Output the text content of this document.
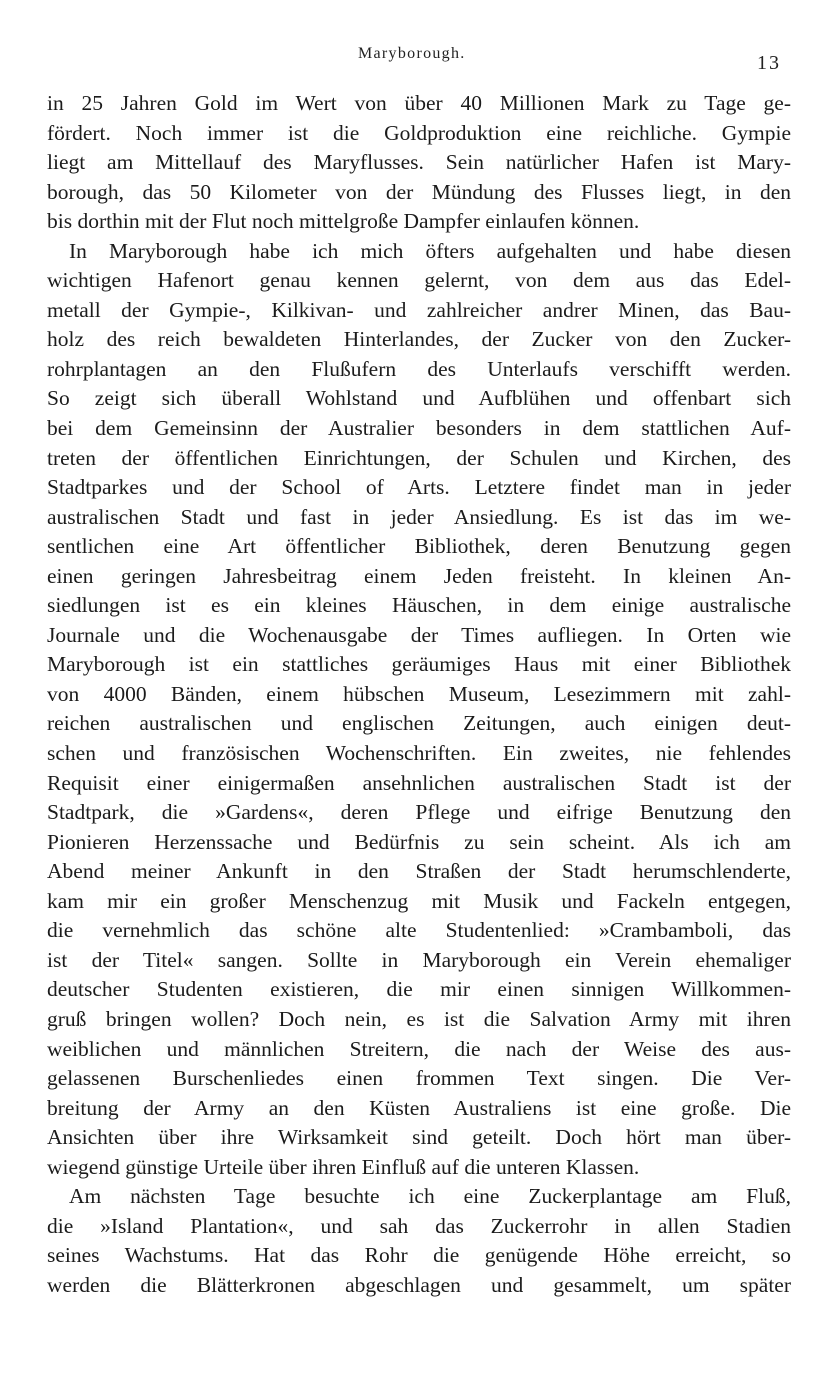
Maryborough.	13
in 25 Jahren Gold im Wert von über 40 Millionen Mark zu Tage ge-
fördert. Noch immer ist die Goldproduktion eine reichliche. Gympie
liegt am Mittellauf des Maryflusses. Sein natürlicher Hafen ist Mary-
borough, das 50 Kilometer von der Mündung des Flusses liegt, in den
bis dorthin mit der Flut noch mittelgroße Dampfer einlaufen können.
In Maryborough habe ich mich öfters aufgehalten und habe diesen
wichtigen Hafenort genau kennen gelernt, von dem aus das Edel-
metall der Gympie-, Kilkivan- und zahlreicher andrer Minen, das Bau-
holz des reich bewaldeten Hinterlandes, der Zucker von den Zucker-
rohrplantagen an den Flußufern des Unterlaufs verschifft werden.
So zeigt sich überall Wohlstand und Aufblühen und offenbart sich
bei dem Gemeinsinn der Australier besonders in dem stattlichen Auf-
treten der öffentlichen Einrichtungen, der Schulen und Kirchen, des
Stadtparkes und der School of Arts. Letztere findet man in jeder
australischen Stadt und fast in jeder Ansiedlung. Es ist das im we-
sentlichen eine Art öffentlicher Bibliothek, deren Benutzung gegen
einen geringen Jahresbeitrag einem Jeden freisteht. In kleinen An-
siedlungen ist es ein kleines Häuschen, in dem einige australische
Journale und die Wochenausgabe der Times aufliegen. In Orten wie
Maryborough ist ein stattliches geräumiges Haus mit einer Bibliothek
von 4000 Bänden, einem hübschen Museum, Lesezimmern mit zahl-
reichen australischen und englischen Zeitungen, auch einigen deut-
schen und französischen Wochenschriften. Ein zweites, nie fehlendes
Requisit einer einigermaßen ansehnlichen australischen Stadt ist der
Stadtpark, die »Gardens«, deren Pflege und eifrige Benutzung den
Pionieren Herzenssache und Bedürfnis zu sein scheint. Als ich am
Abend meiner Ankunft in den Straßen der Stadt herumschlenderte,
kam mir ein großer Menschenzug mit Musik und Fackeln entgegen,
die vernehmlich das schöne alte Studentenlied: »Crambamboli, das
ist der Titel« sangen. Sollte in Maryborough ein Verein ehemaliger
deutscher Studenten existieren, die mir einen sinnigen Willkommen-
gruß bringen wollen? Doch nein, es ist die Salvation Army mit ihren
weiblichen und männlichen Streitern, die nach der Weise des aus-
gelassenen Burschenliedes einen frommen Text singen. Die Ver-
breitung der Army an den Küsten Australiens ist eine große. Die
Ansichten über ihre Wirksamkeit sind geteilt. Doch hört man über-
wiegend günstige Urteile über ihren Einfluß auf die unteren Klassen.
Am nächsten Tage besuchte ich eine Zuckerplantage am Fluß,
die »Island Plantation«, und sah das Zuckerrohr in allen Stadien
seines Wachstums. Hat das Rohr die genügende Höhe erreicht, so
werden die Blätterkronen abgeschlagen und gesammelt, um später
